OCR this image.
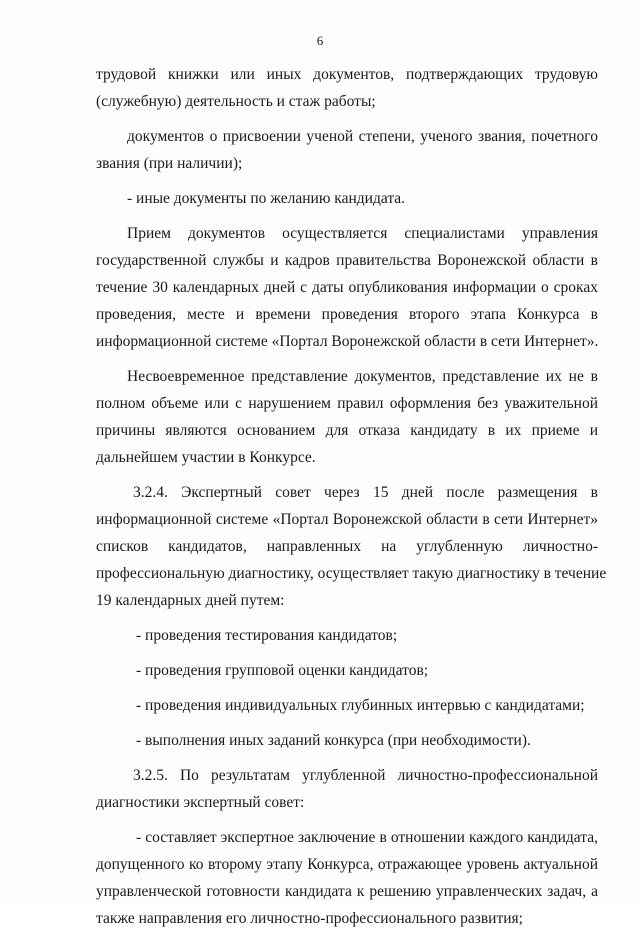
6
трудовой книжки или иных документов, подтверждающих трудовую
(служебную) деятельность и стаж работы;
документов о присвоении ученой степени, ученого звания, почетного
звания (при наличии);
- иные документы по желанию кандидата.
Прием документов осуществляется специалистами управления
государственной службы и кадров правительства Воронежской области в
течение 30 календарных дней с даты опубликования информации о сроках
проведения, месте и времени проведения второго этапа Конкурса в
информационной системе «Портал Воронежской области в сети Интернет».
Несвоевременное представление документов, представление их не в
полном объеме или с нарушением правил оформления без уважительной
причины являются основанием для отказа кандидату в их приеме и
дальнейшем участии в Конкурсе.
3.2.4. Экспертный совет через 15 дней после размещения в
информационной системе «Портал Воронежской области в сети Интернет»
списков кандидатов, направленных на углубленную личностно-
профессиональную диагностику, осуществляет такую диагностику в течение
19 календарных дней путем:
- проведения тестирования кандидатов;
- проведения групповой оценки кандидатов;
- проведения индивидуальных глубинных интервью с кандидатами;
- выполнения иных заданий конкурса (при необходимости).
3.2.5. По результатам углубленной личностно-профессиональной
диагностики экспертный совет:
- составляет экспертное заключение в отношении каждого кандидата,
допущенного ко второму этапу Конкурса, отражающее уровень актуальной
управленческой готовности кандидата к решению управленческих задач, а
также направления его личностно-профессионального развития;
